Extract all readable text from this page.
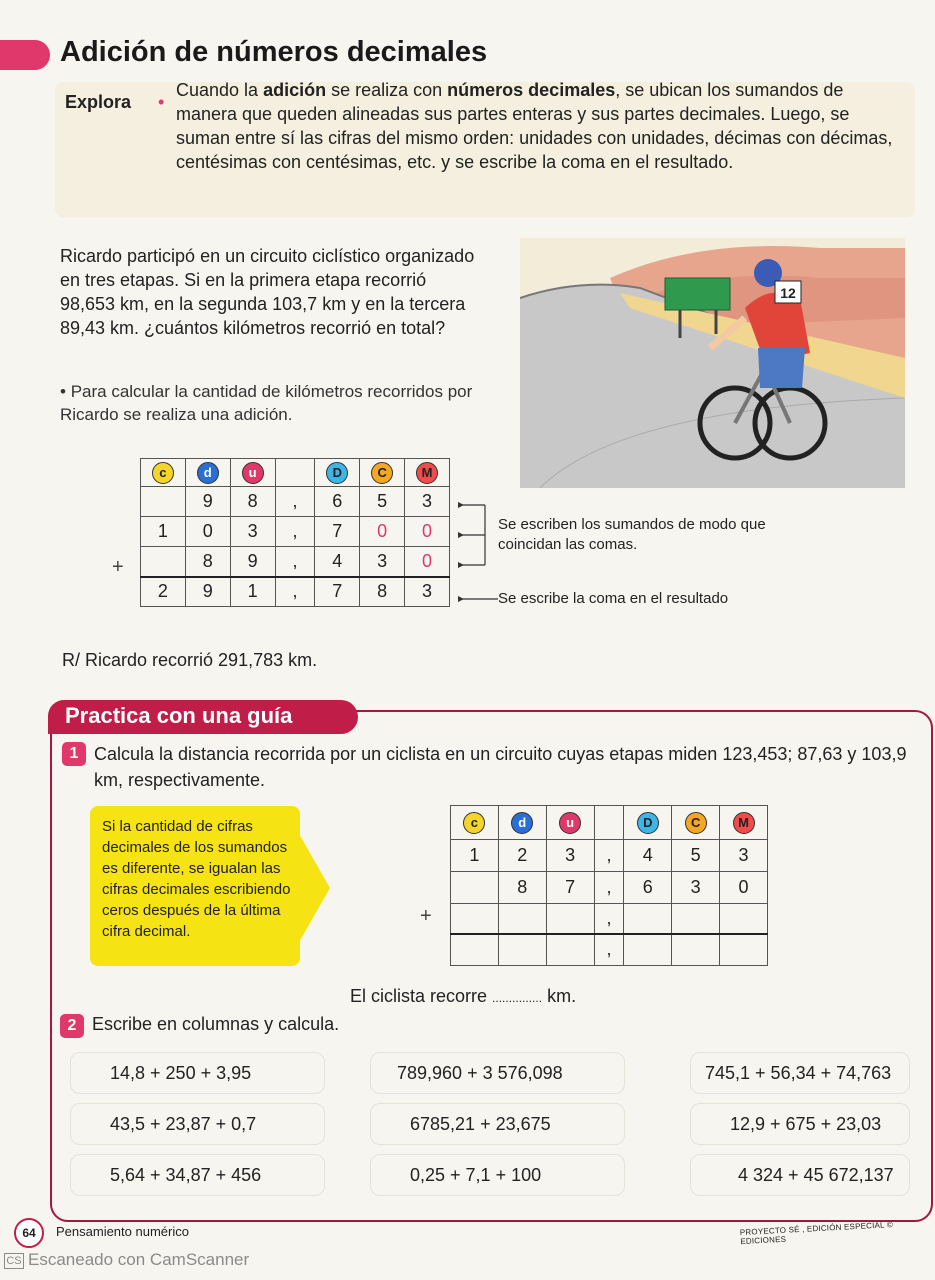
Adición de números decimales
Explora •
Cuando la adición se realiza con números decimales, se ubican los sumandos de manera que queden alineadas sus partes enteras y sus partes decimales. Luego, se suman entre sí las cifras del mismo orden: unidades con unidades, décimas con décimas, centésimas con centésimas, etc. y se escribe la coma en el resultado.
Ricardo participó en un circuito ciclístico organizado en tres etapas. Si en la primera etapa recorrió 98,653 km, en la segunda 103,7 km y en la tercera 89,43 km. ¿cuántos kilómetros recorrió en total?
• Para calcular la cantidad de kilómetros recorridos por Ricardo se realiza una adición.
12
+
c	d	u		D	C	M
	9	8	,	6	5	3
1	0	3	,	7	0	0
	8	9	,	4	3	0
2	9	1	,	7	8	3
Se escriben los sumandos de modo que coincidan las comas.
Se escribe la coma en el resultado
R/ Ricardo recorrió 291,783 km.
Practica con una guía
1 Calcula la distancia recorrida por un ciclista en un circuito cuyas etapas miden 123,453; 87,63 y 103,9 km, respectivamente.
Si la cantidad de cifras decimales de los sumandos es diferente, se igualan las cifras decimales escribiendo ceros después de la última cifra decimal.
+
c	d	u		D	C	M
1	2	3	,	4	5	3
	8	7	,	6	3	0
			,			
			,			
El ciclista recorre ............... km.
2 Escribe en columnas y calcula.
14,8 + 250 + 3,95	789,960 + 3 576,098	745,1 + 56,34 + 74,763
43,5 + 23,87 + 0,7	6785,21 + 23,675	12,9 + 675 + 23,03
5,64 + 34,87 + 456	0,25 + 7,1 + 100	4 324 + 45 672,137
64	Pensamiento numérico	PROYECTO SÉ , EDICIÓN ESPECIAL © EDICIONES
CS Escaneado con CamScanner
